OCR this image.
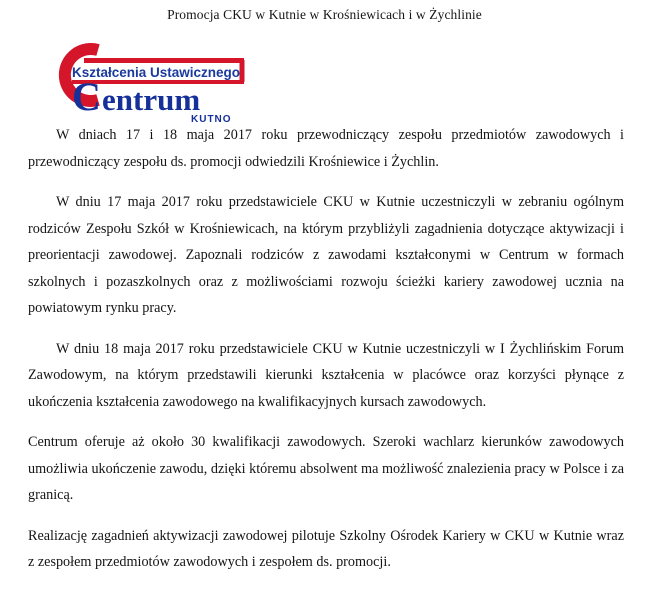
Promocja CKU w Kutnie w Krośniewicach i w Żychlinie
C entrum
Kształcenia Ustawicznego
KUTNO

W dniach 17 i 18 maja 2017 roku przewodniczący zespołu przedmiotów zawodowych i przewodniczący zespołu ds. promocji odwiedzili Krośniewice i Żychlin.

W dniu 17 maja 2017 roku przedstawiciele CKU w Kutnie uczestniczyli w zebraniu ogólnym rodziców Zespołu Szkół w Krośniewicach, na którym przybliżyli zagadnienia dotyczące aktywizacji i preorientacji zawodowej. Zapoznali rodziców z zawodami kształconymi w Centrum w formach szkolnych i pozaszkolnych oraz z możliwościami rozwoju ścieżki kariery zawodowej ucznia na powiatowym rynku pracy.

W dniu 18 maja 2017 roku przedstawiciele CKU w Kutnie uczestniczyli w I Żychlińskim Forum Zawodowym, na którym przedstawili kierunki kształcenia w placówce oraz korzyści płynące z ukończenia kształcenia zawodowego na kwalifikacyjnych kursach zawodowych.

Centrum oferuje aż około 30 kwalifikacji zawodowych. Szeroki wachlarz kierunków zawodowych umożliwia ukończenie zawodu, dzięki któremu absolwent ma możliwość znalezienia pracy w Polsce i za granicą.

Realizację zagadnień aktywizacji zawodowej pilotuje Szkolny Ośrodek Kariery w CKU w Kutnie wraz z zespołem przedmiotów zawodowych i zespołem ds. promocji.
